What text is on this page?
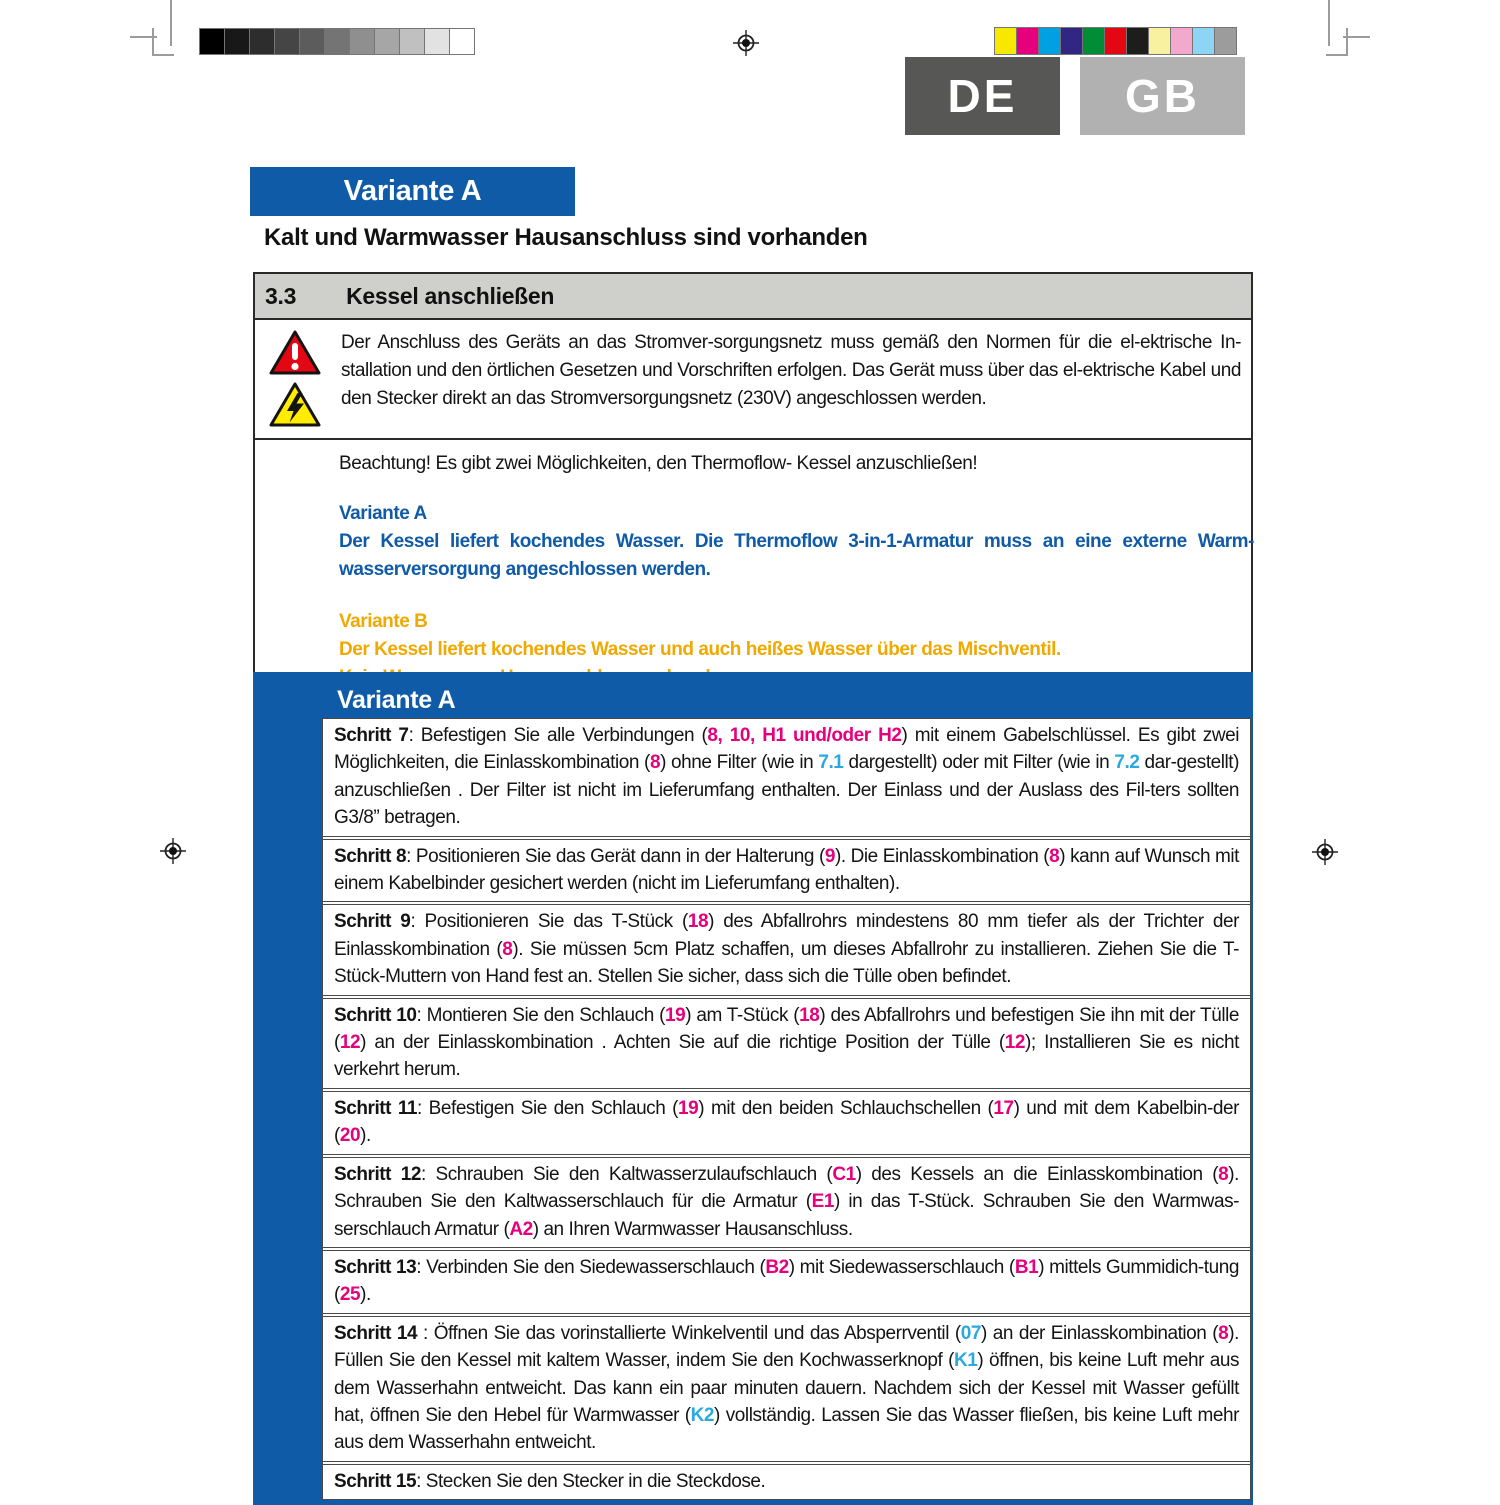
DE GB
Variante A
Kalt und Warmwasser Hausanschluss sind vorhanden
3.3 Kessel anschließen

Der Anschluss des Geräts an das Stromver-sorgungsnetz muss gemäß den Normen für die el-ektrische In-stallation und den örtlichen Gesetzen und Vorschriften erfolgen. Das Gerät muss über das el-ektrische Kabel und den Stecker direkt an das Stromversorgungsnetz (230V) angeschlossen werden.

Beachtung! Es gibt zwei Möglichkeiten, den Thermoflow- Kessel anzuschließen!

Variante A

Der Kessel liefert kochendes Wasser. Die Thermoflow 3-in-1-Armatur muss an eine externe Warm-wasserversorgung angeschlossen werden.

Variante B

Der Kessel liefert kochendes Wasser und auch heißes Wasser über das Mischventil.

Variante A

Schritt 7: Befestigen Sie alle Verbindungen (8, 10, H1 und/oder H2) mit einem Gabelschlüssel. Es gibt zwei Möglichkeiten, die Einlasskombination (8) ohne Filter (wie in 7.1 dargestellt) oder mit Filter (wie in 7.2 dar-gestellt) anzuschließen . Der Filter ist nicht im Lieferumfang enthalten. Der Einlass und der Auslass des Fil-ters sollten G3/8” betragen.

Schritt 8: Positionieren Sie das Gerät dann in der Halterung (9). Die Einlasskombination (8) kann auf Wunsch mit einem Kabelbinder gesichert werden (nicht im Lieferumfang enthalten).

Schritt 9: Positionieren Sie das T-Stück (18) des Abfallrohrs mindestens 80 mm tiefer als der Trichter der Einlasskombination (8). Sie müssen 5cm Platz schaffen, um dieses Abfallrohr zu installieren. Ziehen Sie die T-Stück-Muttern von Hand fest an. Stellen Sie sicher, dass sich die Tülle oben befindet.

Schritt 10: Montieren Sie den Schlauch (19) am T-Stück (18) des Abfallrohrs und befestigen Sie ihn mit der Tülle (12) an der Einlasskombination . Achten Sie auf die richtige Position der Tülle (12); Installieren Sie es nicht verkehrt herum.

Schritt 11: Befestigen Sie den Schlauch (19) mit den beiden Schlauchschellen (17) und mit dem Kabelbin-der (20).

Schritt 12: Schrauben Sie den Kaltwasserzulaufschlauch (C1) des Kessels an die Einlasskombination (8). Schrauben Sie den Kaltwasserschlauch für die Armatur (E1) in das T-Stück. Schrauben Sie den Warmwas-serschlauch Armatur (A2) an Ihren Warmwasser Hausanschluss.

Schritt 13: Verbinden Sie den Siedewasserschlauch (B2) mit Siedewasserschlauch (B1) mittels Gummidich-tung (25).

Schritt 14 : Öffnen Sie das vorinstallierte Winkelventil und das Absperrventil (07) an der Einlasskombination (8). Füllen Sie den Kessel mit kaltem Wasser, indem Sie den Kochwasserknopf (K1) öffnen, bis keine Luft mehr aus dem Wasserhahn entweicht. Das kann ein paar minuten dauern. Nachdem sich der Kessel mit Wasser gefüllt hat, öffnen Sie den Hebel für Warmwasser (K2) vollständig. Lassen Sie das Wasser fließen, bis keine Luft mehr aus dem Wasserhahn entweicht.

Schritt 15: Stecken Sie den Stecker in die Steckdose.
